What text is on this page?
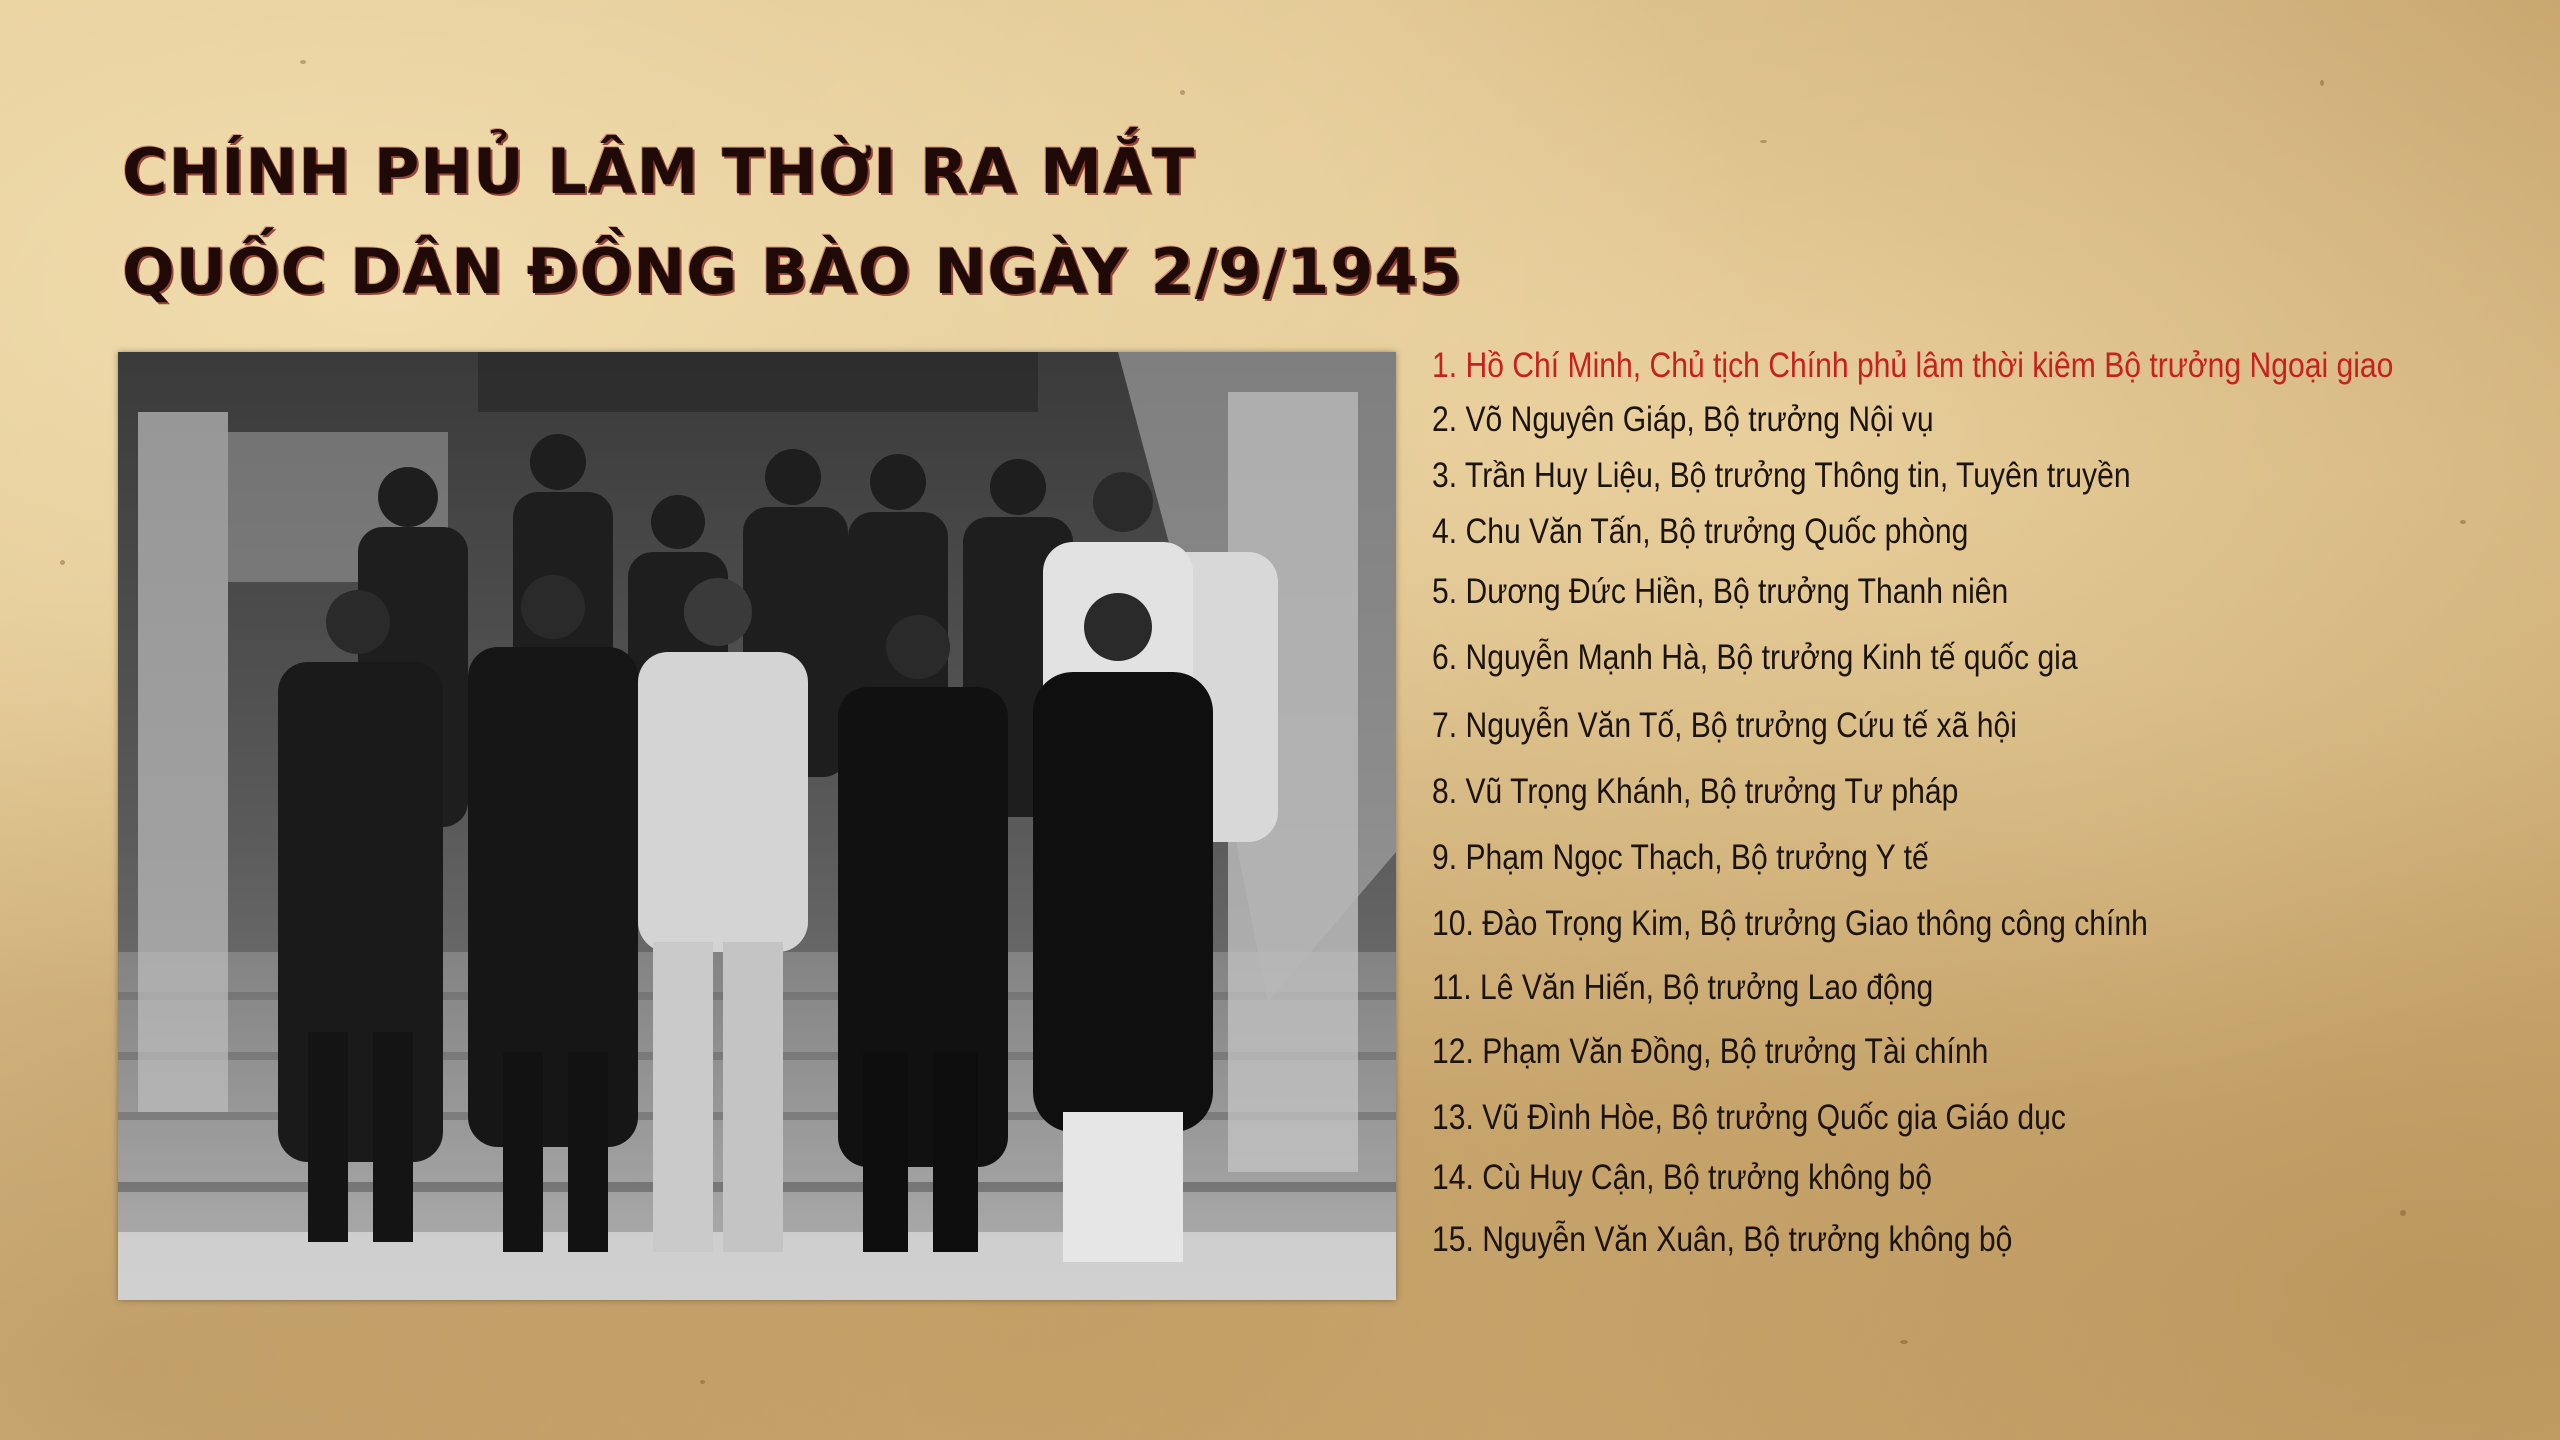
CHÍNH PHỦ LÂM THỜI RA MẮT
QUỐC DÂN ĐỒNG BÀO NGÀY 2/9/1945
1. Hồ Chí Minh, Chủ tịch Chính phủ lâm thời kiêm Bộ trưởng Ngoại giao
2. Võ Nguyên Giáp, Bộ trưởng Nội vụ
3. Trần Huy Liệu, Bộ trưởng Thông tin, Tuyên truyền
4. Chu Văn Tấn, Bộ trưởng Quốc phòng
5. Dương Đức Hiền, Bộ trưởng Thanh niên
6. Nguyễn Mạnh Hà, Bộ trưởng Kinh tế quốc gia
7. Nguyễn Văn Tố, Bộ trưởng Cứu tế xã hội
8. Vũ Trọng Khánh, Bộ trưởng Tư pháp
9. Phạm Ngọc Thạch, Bộ trưởng Y tế
10. Đào Trọng Kim, Bộ trưởng Giao thông công chính
11. Lê Văn Hiến, Bộ trưởng Lao động
12. Phạm Văn Đồng, Bộ trưởng Tài chính
13. Vũ Đình Hòe, Bộ trưởng Quốc gia Giáo dục
14. Cù Huy Cận, Bộ trưởng không bộ
15. Nguyễn Văn Xuân, Bộ trưởng không bộ
